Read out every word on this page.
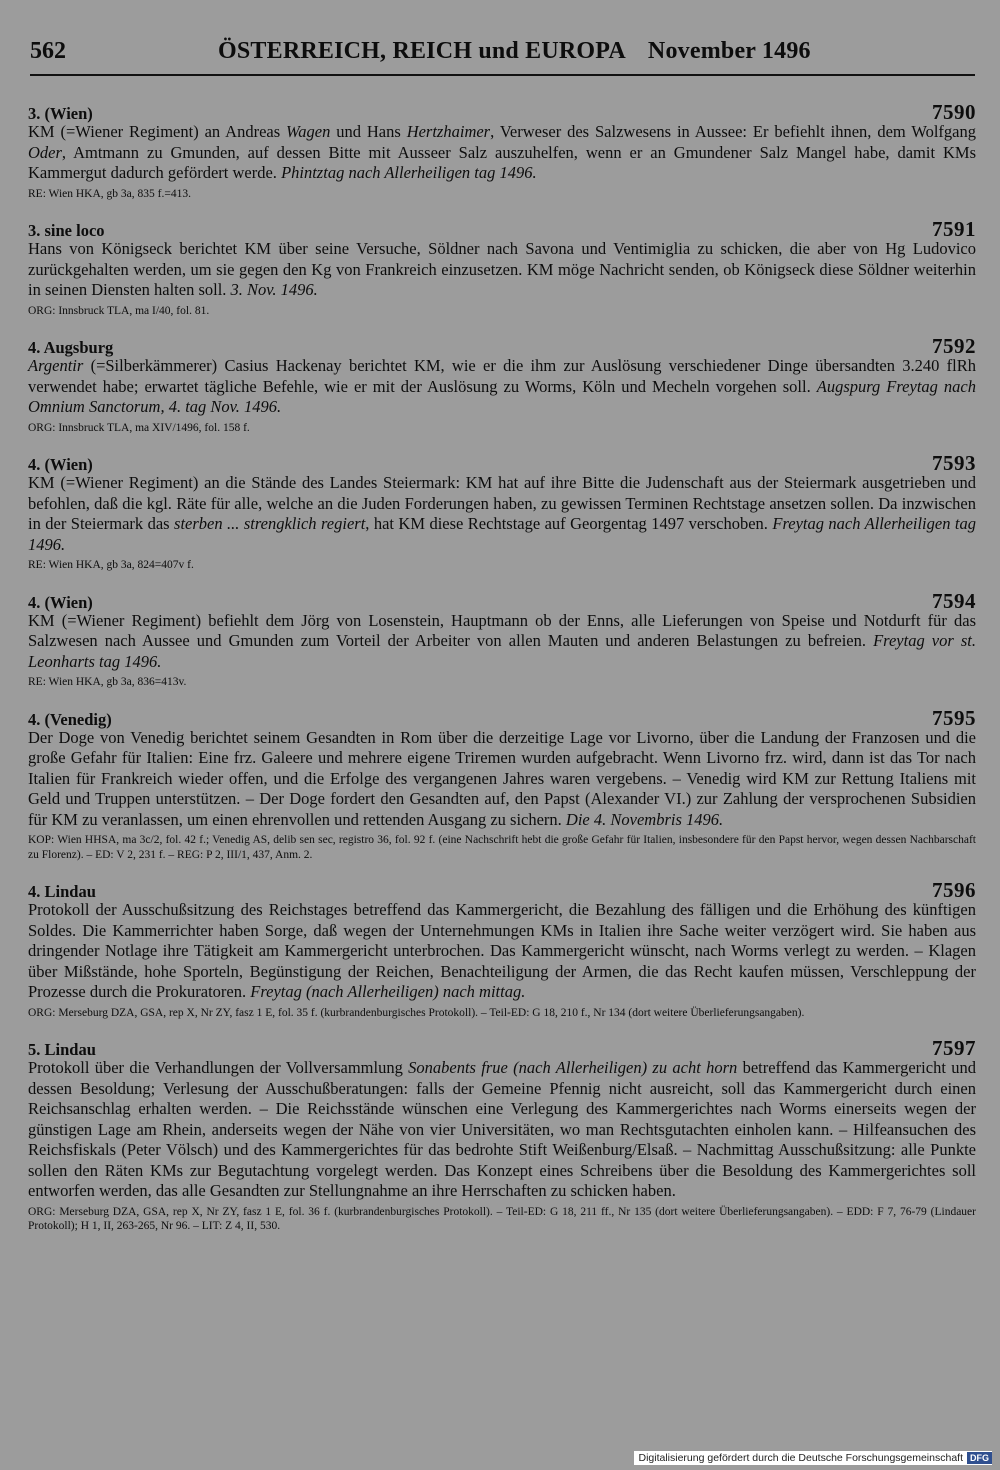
562	ÖSTERREICH, REICH und EUROPA November 1496
3. (Wien)	7590
KM (=Wiener Regiment) an Andreas Wagen und Hans Hertzhaimer, Verweser des Salzwesens in Aussee: Er befiehlt ihnen, dem Wolfgang Oder, Amtmann zu Gmunden, auf dessen Bitte mit Ausseer Salz auszuhelfen, wenn er an Gmundener Salz Mangel habe, damit KMs Kammergut dadurch gefördert werde. Phintztag nach Allerheiligen tag 1496.
RE: Wien HKA, gb 3a, 835 f.=413.
3. sine loco	7591
Hans von Königseck berichtet KM über seine Versuche, Söldner nach Savona und Ventimiglia zu schicken, die aber von Hg Ludovico zurückgehalten werden, um sie gegen den Kg von Frankreich einzusetzen. KM möge Nachricht senden, ob Königseck diese Söldner weiterhin in seinen Diensten halten soll. 3. Nov. 1496.
ORG: Innsbruck TLA, ma I/40, fol. 81.
4. Augsburg	7592
Argentir (=Silberkämmerer) Casius Hackenay berichtet KM, wie er die ihm zur Auslösung verschiedener Dinge übersandten 3.240 flRh verwendet habe; erwartet tägliche Befehle, wie er mit der Auslösung zu Worms, Köln und Mecheln vorgehen soll. Augspurg Freytag nach Omnium Sanctorum, 4. tag Nov. 1496.
ORG: Innsbruck TLA, ma XIV/1496, fol. 158 f.
4. (Wien)	7593
KM (=Wiener Regiment) an die Stände des Landes Steiermark: KM hat auf ihre Bitte die Judenschaft aus der Steiermark ausgetrieben und befohlen, daß die kgl. Räte für alle, welche an die Juden Forderungen haben, zu gewissen Terminen Rechtstage ansetzen sollen. Da inzwischen in der Steiermark das sterben ... strengklich regiert, hat KM diese Rechtstage auf Georgentag 1497 verschoben. Freytag nach Allerheiligen tag 1496.
RE: Wien HKA, gb 3a, 824=407v f.
4. (Wien)	7594
KM (=Wiener Regiment) befiehlt dem Jörg von Losenstein, Hauptmann ob der Enns, alle Lieferungen von Speise und Notdurft für das Salzwesen nach Aussee und Gmunden zum Vorteil der Arbeiter von allen Mauten und anderen Belastungen zu befreien. Freytag vor st. Leonharts tag 1496.
RE: Wien HKA, gb 3a, 836=413v.
4. (Venedig)	7595
Der Doge von Venedig berichtet seinem Gesandten in Rom über die derzeitige Lage vor Livorno, über die Landung der Franzosen und die große Gefahr für Italien: Eine frz. Galeere und mehrere eigene Triremen wurden aufgebracht. Wenn Livorno frz. wird, dann ist das Tor nach Italien für Frankreich wieder offen, und die Erfolge des vergangenen Jahres waren vergebens. – Venedig wird KM zur Rettung Italiens mit Geld und Truppen unterstützen. – Der Doge fordert den Gesandten auf, den Papst (Alexander VI.) zur Zahlung der versprochenen Subsidien für KM zu veranlassen, um einen ehrenvollen und rettenden Ausgang zu sichern. Die 4. Novembris 1496.
KOP: Wien HHSA, ma 3c/2, fol. 42 f.; Venedig AS, delib sen sec, registro 36, fol. 92 f. (eine Nachschrift hebt die große Gefahr für Italien, insbesondere für den Papst hervor, wegen dessen Nachbarschaft zu Florenz). – ED: V 2, 231 f. – REG: P 2, III/1, 437, Anm. 2.
4. Lindau	7596
Protokoll der Ausschußsitzung des Reichstages betreffend das Kammergericht, die Bezahlung des fälligen und die Erhöhung des künftigen Soldes. Die Kammerrichter haben Sorge, daß wegen der Unternehmungen KMs in Italien ihre Sache weiter verzögert wird. Sie haben aus dringender Notlage ihre Tätigkeit am Kammergericht unterbrochen. Das Kammergericht wünscht, nach Worms verlegt zu werden. – Klagen über Mißstände, hohe Sporteln, Begünstigung der Reichen, Benachteiligung der Armen, die das Recht kaufen müssen, Verschleppung der Prozesse durch die Prokuratoren. Freytag (nach Allerheiligen) nach mittag.
ORG: Merseburg DZA, GSA, rep X, Nr ZY, fasz 1 E, fol. 35 f. (kurbrandenburgisches Protokoll). – Teil-ED: G 18, 210 f., Nr 134 (dort weitere Überlieferungsangaben).
5. Lindau	7597
Protokoll über die Verhandlungen der Vollversammlung Sonabents frue (nach Allerheiligen) zu acht horn betreffend das Kammergericht und dessen Besoldung; Verlesung der Ausschußberatungen: falls der Gemeine Pfennig nicht ausreicht, soll das Kammergericht durch einen Reichsanschlag erhalten werden. – Die Reichsstände wünschen eine Verlegung des Kammergerichtes nach Worms einerseits wegen der günstigen Lage am Rhein, anderseits wegen der Nähe von vier Universitäten, wo man Rechtsgutachten einholen kann. – Hilfeansuchen des Reichsfiskals (Peter Völsch) und des Kammergerichtes für das bedrohte Stift Weißenburg/Elsaß. – Nachmittag Ausschußsitzung: alle Punkte sollen den Räten KMs zur Begutachtung vorgelegt werden. Das Konzept eines Schreibens über die Besoldung des Kammergerichtes soll entworfen werden, das alle Gesandten zur Stellungnahme an ihre Herrschaften zu schicken haben.
ORG: Merseburg DZA, GSA, rep X, Nr ZY, fasz 1 E, fol. 36 f. (kurbrandenburgisches Protokoll). – Teil-ED: G 18, 211 ff., Nr 135 (dort weitere Überlieferungsangaben). – EDD: F 7, 76-79 (Lindauer Protokoll); H 1, II, 263-265, Nr 96. – LIT: Z 4, II, 530.
Digitalisierung gefördert durch die Deutsche Forschungsgemeinschaft DFG
